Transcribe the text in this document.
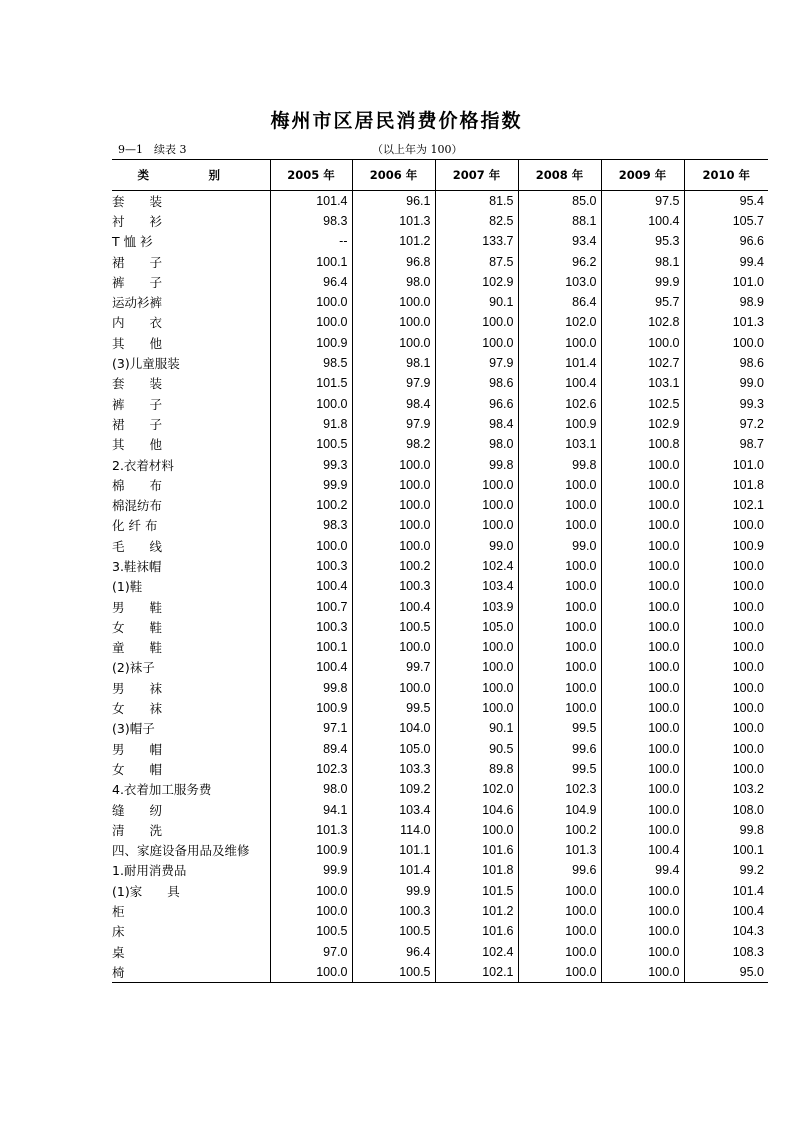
梅州市区居民消费价格指数
9—1　续表 3	（以上年为 100）
类　别	2005 年	2006 年	2007 年	2008 年	2009 年	2010 年
套　　装	101.4	96.1	81.5	85.0	97.5	95.4
衬　　衫	98.3	101.3	82.5	88.1	100.4	105.7
T 恤 衫	--	101.2	133.7	93.4	95.3	96.6
裙　　子	100.1	96.8	87.5	96.2	98.1	99.4
裤　　子	96.4	98.0	102.9	103.0	99.9	101.0
运动衫裤	100.0	100.0	90.1	86.4	95.7	98.9
内　　衣	100.0	100.0	100.0	102.0	102.8	101.3
其　　他	100.9	100.0	100.0	100.0	100.0	100.0
(3)儿童服装	98.5	98.1	97.9	101.4	102.7	98.6
套　　装	101.5	97.9	98.6	100.4	103.1	99.0
裤　　子	100.0	98.4	96.6	102.6	102.5	99.3
裙　　子	91.8	97.9	98.4	100.9	102.9	97.2
其　　他	100.5	98.2	98.0	103.1	100.8	98.7
2.衣着材料	99.3	100.0	99.8	99.8	100.0	101.0
棉　　布	99.9	100.0	100.0	100.0	100.0	101.8
棉混纺布	100.2	100.0	100.0	100.0	100.0	102.1
化 纤 布	98.3	100.0	100.0	100.0	100.0	100.0
毛　　线	100.0	100.0	99.0	99.0	100.0	100.9
3.鞋袜帽	100.3	100.2	102.4	100.0	100.0	100.0
(1)鞋	100.4	100.3	103.4	100.0	100.0	100.0
男　　鞋	100.7	100.4	103.9	100.0	100.0	100.0
女　　鞋	100.3	100.5	105.0	100.0	100.0	100.0
童　　鞋	100.1	100.0	100.0	100.0	100.0	100.0
(2)袜子	100.4	99.7	100.0	100.0	100.0	100.0
男　　袜	99.8	100.0	100.0	100.0	100.0	100.0
女　　袜	100.9	99.5	100.0	100.0	100.0	100.0
(3)帽子	97.1	104.0	90.1	99.5	100.0	100.0
男　　帽	89.4	105.0	90.5	99.6	100.0	100.0
女　　帽	102.3	103.3	89.8	99.5	100.0	100.0
4.衣着加工服务费	98.0	109.2	102.0	102.3	100.0	103.2
缝　　纫	94.1	103.4	104.6	104.9	100.0	108.0
清　　洗	101.3	114.0	100.0	100.2	100.0	99.8
四、家庭设备用品及维修	100.9	101.1	101.6	101.3	100.4	100.1
1.耐用消费品	99.9	101.4	101.8	99.6	99.4	99.2
(1)家　　具	100.0	99.9	101.5	100.0	100.0	101.4
柜	100.0	100.3	101.2	100.0	100.0	100.4
床	100.5	100.5	101.6	100.0	100.0	104.3
桌	97.0	96.4	102.4	100.0	100.0	108.3
椅	100.0	100.5	102.1	100.0	100.0	95.0
